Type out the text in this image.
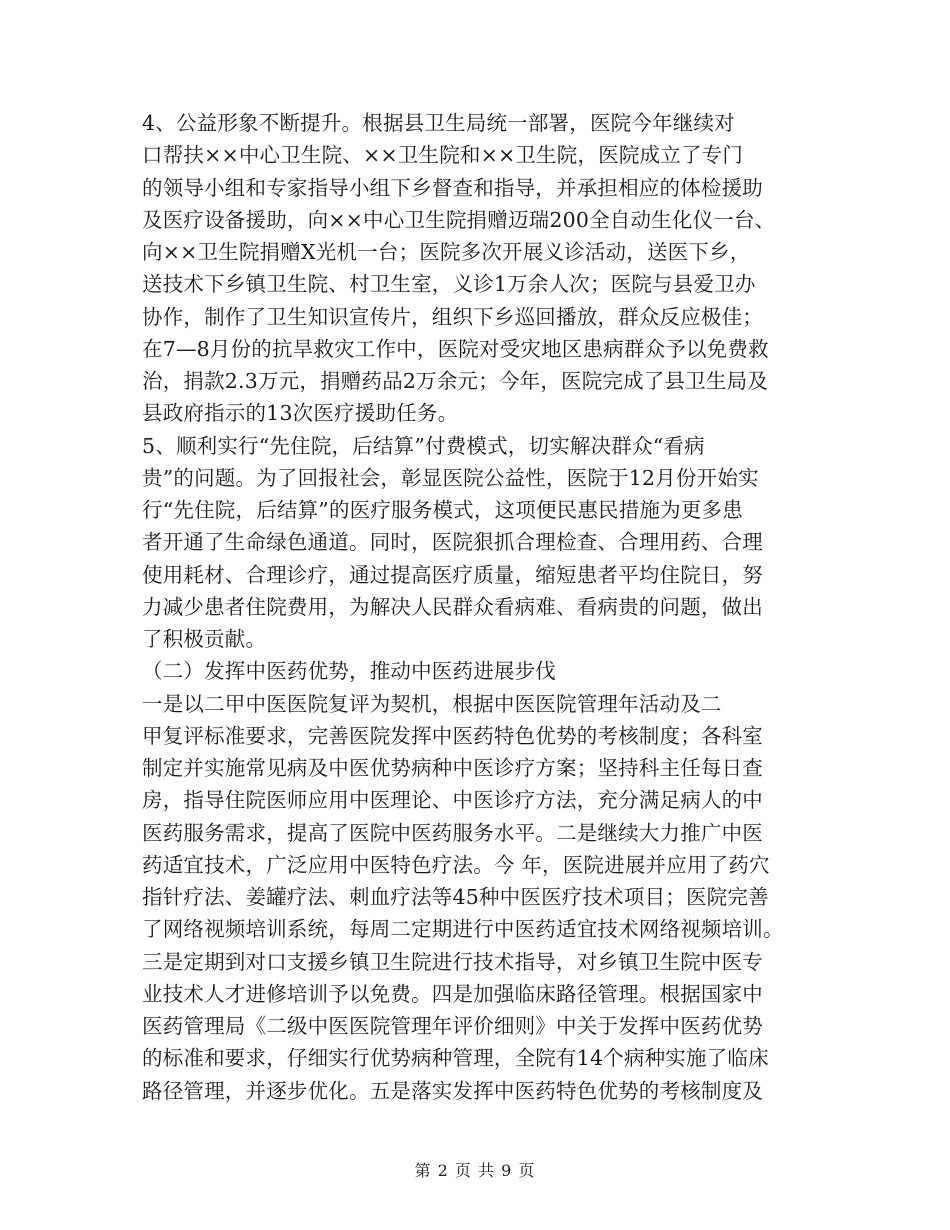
4、公益形象不断提升。根据县卫生局统一部署，医院今年继续对
口帮扶××中心卫生院、××卫生院和××卫生院，医院成立了专门
的领导小组和专家指导小组下乡督查和指导，并承担相应的体检援助
及医疗设备援助，向××中心卫生院捐赠迈瑞200全自动生化仪一台、
向××卫生院捐赠X光机一台；医院多次开展义诊活动，送医下乡，
送技术下乡镇卫生院、村卫生室，义诊1万余人次；医院与县爱卫办
协作，制作了卫生知识宣传片，组织下乡巡回播放，群众反应极佳；
在7—8月份的抗旱救灾工作中，医院对受灾地区患病群众予以免费救
治，捐款2.3万元，捐赠药品2万余元；今年，医院完成了县卫生局及
县政府指示的13次医疗援助任务。
5、顺利实行“先住院，后结算”付费模式，切实解决群众“看病
贵”的问题。为了回报社会，彰显医院公益性，医院于12月份开始实
行“先住院，后结算”的医疗服务模式，这项便民惠民措施为更多患
者开通了生命绿色通道。同时，医院狠抓合理检查、合理用药、合理
使用耗材、合理诊疗，通过提高医疗质量，缩短患者平均住院日，努
力减少患者住院费用，为解决人民群众看病难、看病贵的问题，做出
了积极贡献。
（二）发挥中医药优势，推动中医药进展步伐
一是以二甲中医医院复评为契机，根据中医医院管理年活动及二
甲复评标准要求，完善医院发挥中医药特色优势的考核制度；各科室
制定并实施常见病及中医优势病种中医诊疗方案；坚持科主任每日查
房，指导住院医师应用中医理论、中医诊疗方法，充分满足病人的中
医药服务需求，提高了医院中医药服务水平。二是继续大力推广中医
药适宜技术，广泛应用中医特色疗法。今 年，医院进展并应用了药穴
指针疗法、姜罐疗法、刺血疗法等45种中医医疗技术项目；医院完善
了网络视频培训系统，每周二定期进行中医药适宜技术网络视频培训。
三是定期到对口支援乡镇卫生院进行技术指导，对乡镇卫生院中医专
业技术人才进修培训予以免费。四是加强临床路径管理。根据国家中
医药管理局《二级中医医院管理年评价细则》中关于发挥中医药优势
的标准和要求，仔细实行优势病种管理，全院有14个病种实施了临床
路径管理，并逐步优化。五是落实发挥中医药特色优势的考核制度及
第 2 页 共 9 页
